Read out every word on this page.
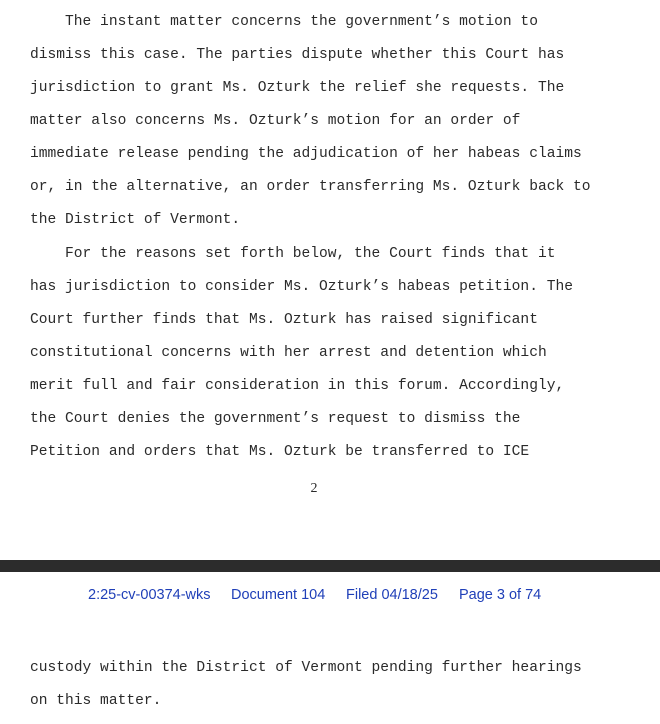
The instant matter concerns the government’s motion to
dismiss this case. The parties dispute whether this Court has
jurisdiction to grant Ms. Ozturk the relief she requests. The
matter also concerns Ms. Ozturk’s motion for an order of
immediate release pending the adjudication of her habeas claims
or, in the alternative, an order transferring Ms. Ozturk back to
the District of Vermont.
For the reasons set forth below, the Court finds that it
has jurisdiction to consider Ms. Ozturk’s habeas petition. The
Court further finds that Ms. Ozturk has raised significant
constitutional concerns with her arrest and detention which
merit full and fair consideration in this forum. Accordingly,
the Court denies the government’s request to dismiss the
Petition and orders that Ms. Ozturk be transferred to ICE
2
2:25-cv-00374-wks Document 104 Filed 04/18/25 Page 3 of 74
custody within the District of Vermont pending further hearings
on this matter.
